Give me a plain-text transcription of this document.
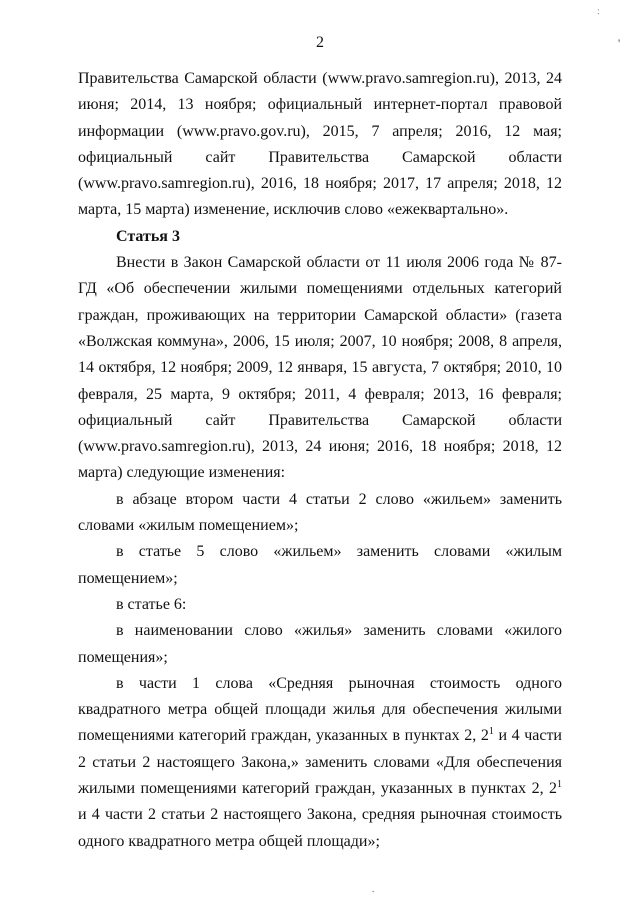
ː
'
2

Правительства Самарской области (www.pravo.samregion.ru), 2013, 24 июня; 2014, 13 ноября; официальный интернет-портал правовой информации (www.pravo.gov.ru), 2015, 7 апреля; 2016, 12 мая; официальный сайт Правительства Самарской области (www.pravo.samregion.ru), 2016, 18 ноября; 2017, 17 апреля; 2018, 12 марта, 15 марта) изменение, исключив слово «ежеквартально».

Статья 3

Внести в Закон Самарской области от 11 июля 2006 года № 87-ГД «Об обеспечении жилыми помещениями отдельных категорий граждан, проживающих на территории Самарской области» (газета «Волжская коммуна», 2006, 15 июля; 2007, 10 ноября; 2008, 8 апреля, 14 октября, 12 ноября; 2009, 12 января, 15 августа, 7 октября; 2010, 10 февраля, 25 марта, 9 октября; 2011, 4 февраля; 2013, 16 февраля; официальный сайт Правительства Самарской области (www.pravo.samregion.ru), 2013, 24 июня; 2016, 18 ноября; 2018, 12 марта) следующие изменения:

в абзаце втором части 4 статьи 2 слово «жильем» заменить словами «жилым помещением»;

в статье 5 слово «жильем» заменить словами «жилым помещением»;

в статье 6:

в наименовании слово «жилья» заменить словами «жилого помещения»;

в части 1 слова «Средняя рыночная стоимость одного квадратного метра общей площади жилья для обеспечения жилыми помещениями категорий граждан, указанных в пунктах 2, $2^1$ и 4 части 2 статьи 2 настоящего Закона,» заменить словами «Для обеспечения жилыми помещениями категорий граждан, указанных в пунктах 2, $2^1$ и 4 части 2 статьи 2 настоящего Закона, средняя рыночная стоимость одного квадратного метра общей площади»;

.
